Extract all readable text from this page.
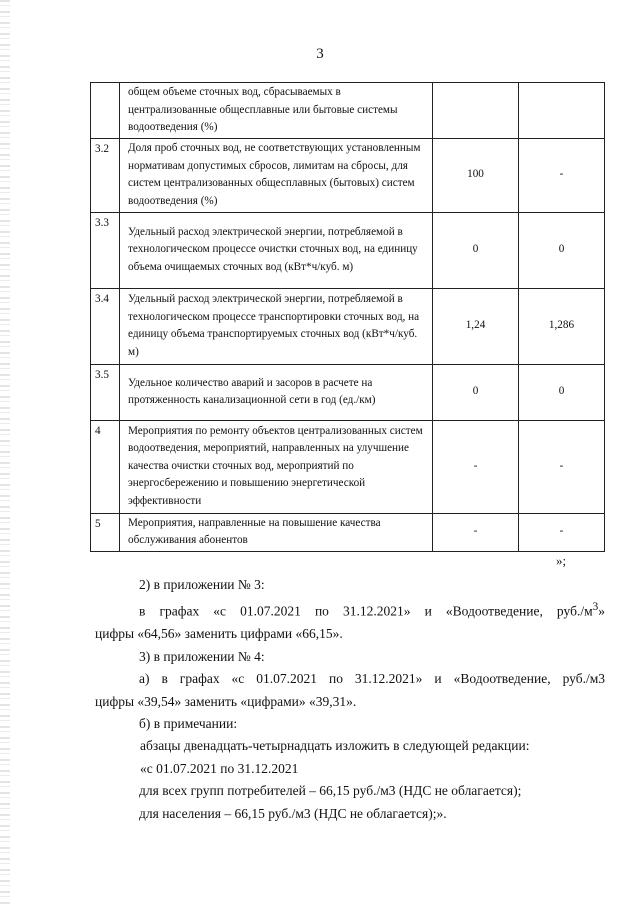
3
	общем объеме сточных вод, сбрасываемых в централизованные общесплавные или бытовые системы водоотведения (%)		
3.2	Доля проб сточных вод, не соответствующих установленным нормативам допустимых сбросов, лимитам на сбросы, для систем централизованных общесплавных (бытовых) систем водоотведения (%)	100	-
3.3	Удельный расход электрической энергии, потребляемой в технологическом процессе очистки сточных вод, на единицу объема очищаемых сточных вод (кВт*ч/куб. м)	0	0
3.4	Удельный расход электрической энергии, потребляемой в технологическом процессе транспортировки сточных вод, на единицу объема транспортируемых сточных вод (кВт*ч/куб. м)	1,24	1,286
3.5	Удельное количество аварий и засоров в расчете на протяженность канализационной сети в год (ед./км)	0	0
4	Мероприятия по ремонту объектов централизованных систем водоотведения, мероприятий, направленных на улучшение качества очистки сточных вод, мероприятий по энергосбережению и повышению энергетической эффективности	-	-
5	Мероприятия, направленные на повышение качества обслуживания абонентов	-	-
»;

2) в приложении № 3:

в графах «с 01.07.2021 по 31.12.2021» и «Водоотведение, $руб./м^3$»

цифры «64,56» заменить цифрами «66,15».

3) в приложении № 4:

а) в графах «с 01.07.2021 по 31.12.2021» и «Водоотведение, руб./м3

цифры «39,54» заменить «цифрами» «39,31».

б) в примечании:

абзацы двенадцать-четырнадцать изложить в следующей редакции:

«с 01.07.2021 по 31.12.2021

для всех групп потребителей – 66,15 руб./м3 (НДС не облагается);

для населения – 66,15 руб./м3 (НДС не облагается);».
